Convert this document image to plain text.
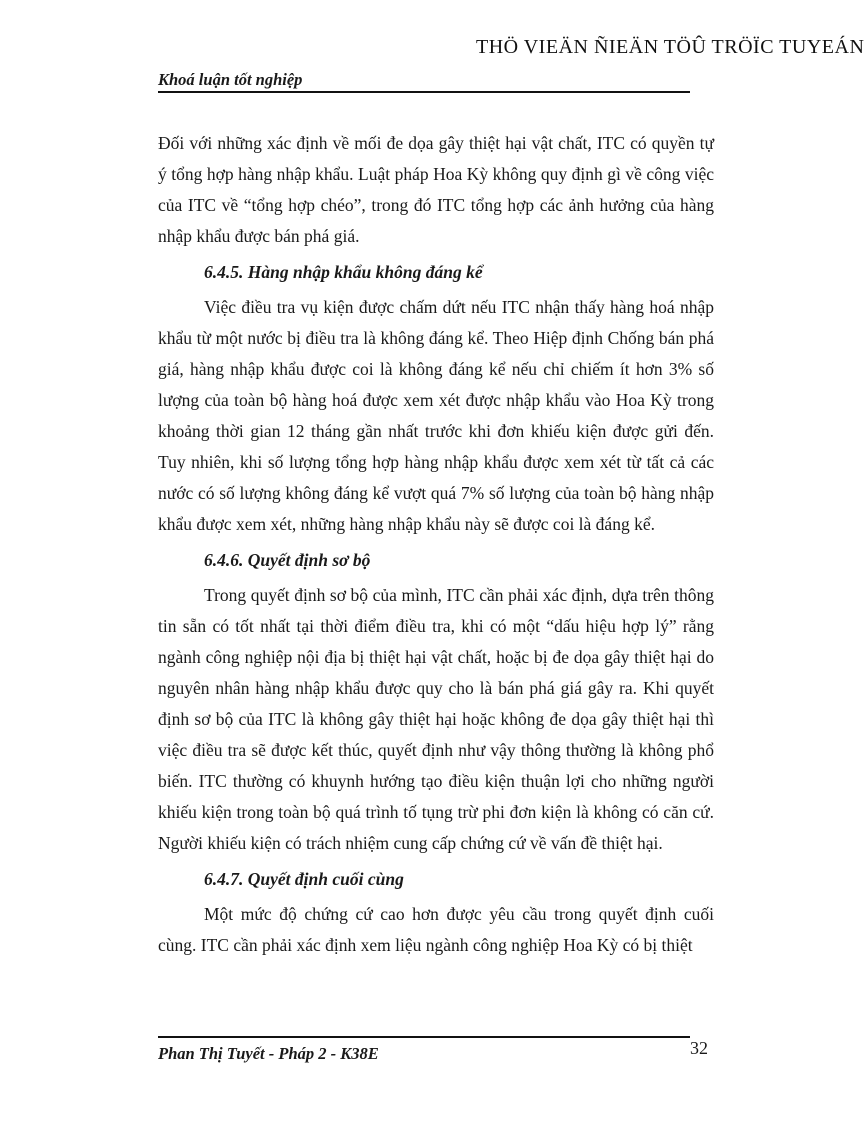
THÖ VIEÄN ÑIEÄN TÖÛ TRÖÏC TUYEÁN
Khoá luận tốt nghiệp

Đối với những xác định về mối đe dọa gây thiệt hại vật chất, ITC có quyền tự ý tổng hợp hàng nhập khẩu. Luật pháp Hoa Kỳ không quy định gì về công việc của ITC về “tổng hợp chéo”, trong đó ITC tổng hợp các ảnh hưởng của hàng nhập khẩu được bán phá giá.

6.4.5. Hàng nhập khẩu không đáng kể

Việc điều tra vụ kiện được chấm dứt nếu ITC nhận thấy hàng hoá nhập khẩu từ một nước bị điều tra là không đáng kể. Theo Hiệp định Chống bán phá giá, hàng nhập khẩu được coi là không đáng kể nếu chỉ chiếm ít hơn 3% số lượng của toàn bộ hàng hoá được xem xét được nhập khẩu vào Hoa Kỳ trong khoảng thời gian 12 tháng gần nhất trước khi đơn khiếu kiện được gửi đến. Tuy nhiên, khi số lượng tổng hợp hàng nhập khẩu được xem xét từ tất cả các nước có số lượng không đáng kể vượt quá 7% số lượng của toàn bộ hàng nhập khẩu được xem xét, những hàng nhập khẩu này sẽ được coi là đáng kể.

6.4.6. Quyết định sơ bộ

Trong quyết định sơ bộ của mình, ITC cần phải xác định, dựa trên thông tin sẵn có tốt nhất tại thời điểm điều tra, khi có một “dấu hiệu hợp lý” rằng ngành công nghiệp nội địa bị thiệt hại vật chất, hoặc bị đe dọa gây thiệt hại do nguyên nhân hàng nhập khẩu được quy cho là bán phá giá gây ra. Khi quyết định sơ bộ của ITC là không gây thiệt hại hoặc không đe dọa gây thiệt hại thì việc điều tra sẽ được kết thúc, quyết định như vậy thông thường là không phổ biến. ITC thường có khuynh hướng tạo điều kiện thuận lợi cho những người khiếu kiện trong toàn bộ quá trình tố tụng trừ phi đơn kiện là không có căn cứ. Người khiếu kiện có trách nhiệm cung cấp chứng cứ về vấn đề thiệt hại.

6.4.7. Quyết định cuối cùng

Một mức độ chứng cứ cao hơn được yêu cầu trong quyết định cuối cùng. ITC cần phải xác định xem liệu ngành công nghiệp Hoa Kỳ có bị thiệt

Phan Thị Tuyết - Pháp 2 - K38E	32
